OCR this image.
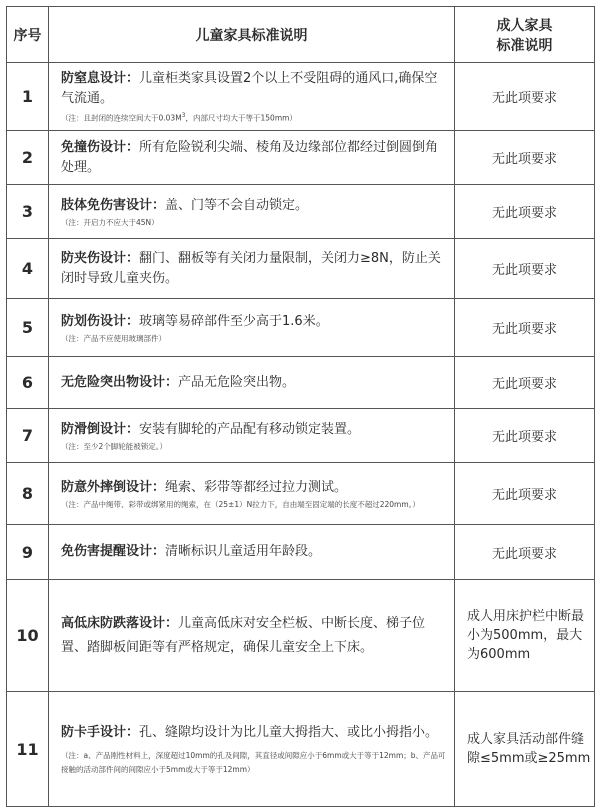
序号	儿童家具标准说明	成人家具
标准说明
1	防窒息设计：儿童柜类家具设置2个以上不受阻碍的通风口,确保空气流通。
（注：且封闭的连续空间大于$0.03M^3$，内部尺寸均大于等于150mm）	无此项要求
2	免撞伤设计：所有危险锐利尖端、棱角及边缘部位都经过倒圆倒角处理。	无此项要求
3	肢体免伤害设计：盖、门等不会自动锁定。
（注：开启力不应大于45N）	无此项要求
4	防夹伤设计：翻门、翻板等有关闭力量限制，关闭力≥8N，防止关闭时导致儿童夹伤。	无此项要求
5	防划伤设计：玻璃等易碎部件至少高于1.6米。
（注：产品不应使用玻璃部件）	无此项要求
6	无危险突出物设计：产品无危险突出物。	无此项要求
7	防滑倒设计：安装有脚轮的产品配有移动锁定装置。
（注：至少2个脚轮能被锁定。）	无此项要求
8	防意外摔倒设计：绳索、彩带等都经过拉力测试。
（注：产品中绳带、彩带或绑紧用的绳索，在（25±1）N拉力下，自由端至固定端的长度不超过220mm。）	无此项要求
9	免伤害提醒设计：清晰标识儿童适用年龄段。	无此项要求
10	高低床防跌落设计：儿童高低床对安全栏板、中断长度、梯子位置、踏脚板间距等有严格规定，确保儿童安全上下床。	成人用床护栏中断最小为500mm，最大为600mm
11	防卡手设计：孔、缝隙均设计为比儿童大拇指大、或比小拇指小。
（注：a、产品刚性材料上，深度超过10mm的孔及间隙，其直径或间隙应小于6mm或大于等于12mm；b、产品可接触的活动部件间的间隙应小于5mm或大于等于12mm）	成人家具活动部件缝隙≤5mm或≥25mm
